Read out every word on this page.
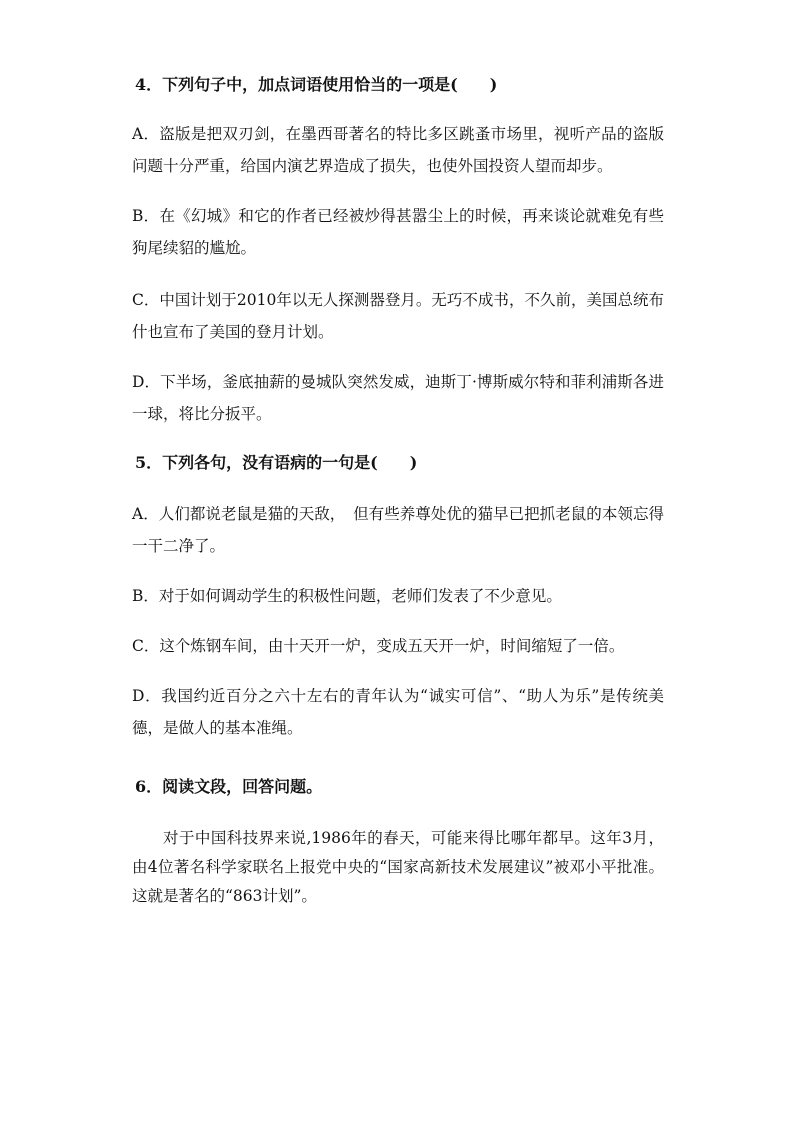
4．下列句子中，加点词语使用恰当的一项是(　　)
A．盗版是把双刃剑，在墨西哥著名的特比多区跳蚤市场里，视听产品的盗版问题十分严重，给国内演艺界造成了损失，也使外国投资人望而却步。
B．在《幻城》和它的作者已经被炒得甚嚣尘上的时候，再来谈论就难免有些狗尾续貂的尴尬。
C．中国计划于2010年以无人探测器登月。无巧不成书，不久前，美国总统布什也宣布了美国的登月计划。
D．下半场，釜底抽薪的曼城队突然发威，迪斯丁·博斯威尔特和菲利浦斯各进一球，将比分扳平。
5．下列各句，没有语病的一句是(　　)
A．人们都说老鼠是猫的天敌，　但有些养尊处优的猫早已把抓老鼠的本领忘得一干二净了。
B．对于如何调动学生的积极性问题，老师们发表了不少意见。
C．这个炼钢车间，由十天开一炉，变成五天开一炉，时间缩短了一倍。
D．我国约近百分之六十左右的青年认为“诚实可信”、“助人为乐”是传统美德，是做人的基本准绳。
6．阅读文段，回答问题。
对于中国科技界来说,1986年的春天，可能来得比哪年都早。这年3月，由4位著名科学家联名上报党中央的“国家高新技术发展建议”被邓小平批准。这就是著名的“863计划”。
